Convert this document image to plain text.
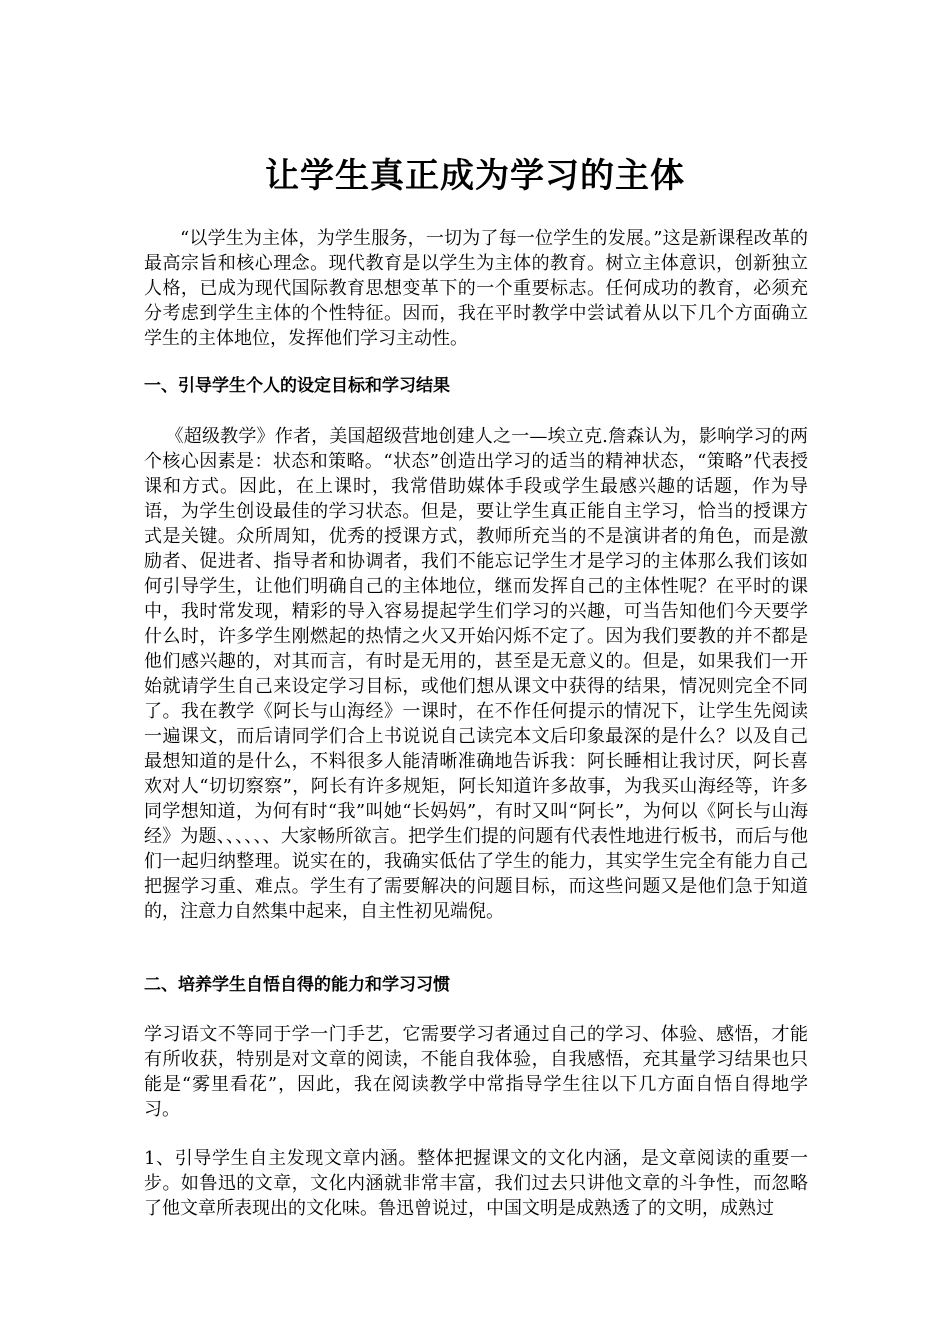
让学生真正成为学习的主体

“以学生为主体，为学生服务，一切为了每一位学生的发展。”这是新课程改革的最高宗旨和核心理念。现代教育是以学生为主体的教育。树立主体意识，创新独立人格，已成为现代国际教育思想变革下的一个重要标志。任何成功的教育，必须充分考虑到学生主体的个性特征。因而，我在平时教学中尝试着从以下几个方面确立学生的主体地位，发挥他们学习主动性。

一、引导学生个人的设定目标和学习结果

《超级教学》作者，美国超级营地创建人之一—埃立克.詹森认为，影响学习的两个核心因素是：状态和策略。“状态”创造出学习的适当的精神状态，“策略”代表授课和方式。因此，在上课时，我常借助媒体手段或学生最感兴趣的话题，作为导语，为学生创设最佳的学习状态。但是，要让学生真正能自主学习，恰当的授课方式是关键。众所周知，优秀的授课方式，教师所充当的不是演讲者的角色，而是激励者、促进者、指导者和协调者，我们不能忘记学生才是学习的主体那么我们该如何引导学生，让他们明确自己的主体地位，继而发挥自己的主体性呢？在平时的课中，我时常发现，精彩的导入容易提起学生们学习的兴趣，可当告知他们今天要学什么时，许多学生刚燃起的热情之火又开始闪烁不定了。因为我们要教的并不都是他们感兴趣的，对其而言，有时是无用的，甚至是无意义的。但是，如果我们一开始就请学生自己来设定学习目标，或他们想从课文中获得的结果，情况则完全不同了。我在教学《阿长与山海经》一课时，在不作任何提示的情况下，让学生先阅读一遍课文，而后请同学们合上书说说自己读完本文后印象最深的是什么？以及自己最想知道的是什么，不料很多人能清晰准确地告诉我：阿长睡相让我讨厌，阿长喜欢对人“切切察察”，阿长有许多规矩，阿长知道许多故事，为我买山海经等，许多同学想知道，为何有时“我”叫她“长妈妈”，有时又叫“阿长”，为何以《阿长与山海经》为题、、、、、、大家畅所欲言。把学生们提的问题有代表性地进行板书，而后与他们一起归纳整理。说实在的，我确实低估了学生的能力，其实学生完全有能力自己把握学习重、难点。学生有了需要解决的问题目标，而这些问题又是他们急于知道的，注意力自然集中起来，自主性初见端倪。

二、培养学生自悟自得的能力和学习习惯

学习语文不等同于学一门手艺，它需要学习者通过自己的学习、体验、感悟，才能有所收获，特别是对文章的阅读，不能自我体验，自我感悟，充其量学习结果也只能是“雾里看花”，因此，我在阅读教学中常指导学生往以下几方面自悟自得地学习。

1、引导学生自主发现文章内涵。整体把握课文的文化内涵，是文章阅读的重要一步。如鲁迅的文章，文化内涵就非常丰富，我们过去只讲他文章的斗争性，而忽略了他文章所表现出的文化味。鲁迅曾说过，中国文明是成熟透了的文明，成熟过
